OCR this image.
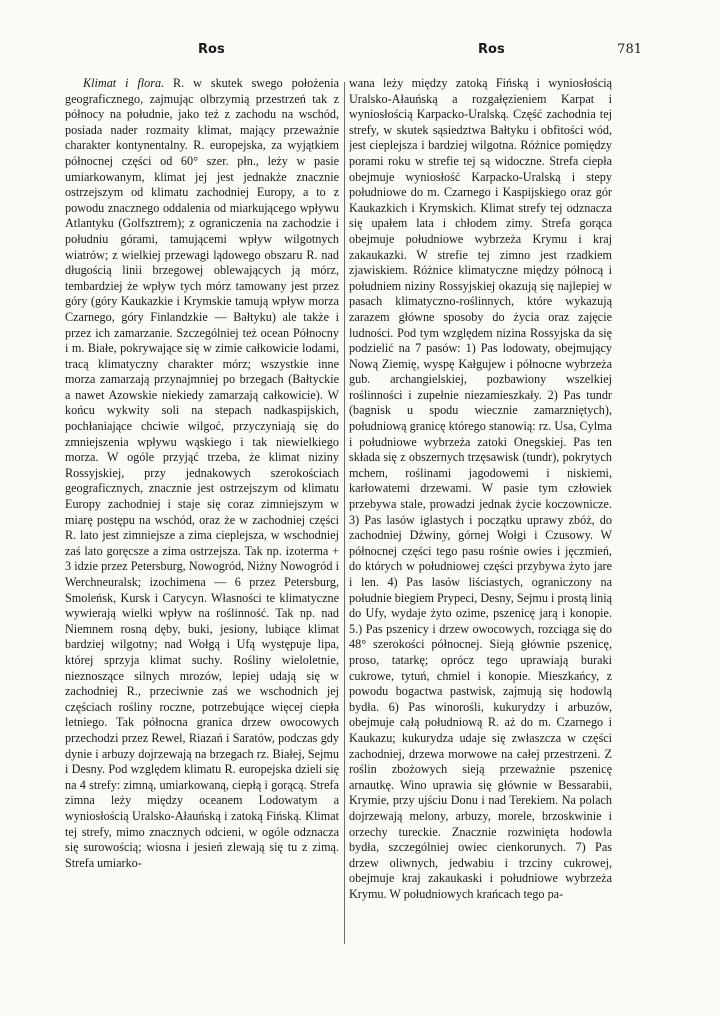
Ros	Ros	781

Klimat i flora. R. w skutek swego położenia geograficznego, zajmując olbrzymią przestrzeń tak z północy na południe, jako też z zachodu na wschód, posiada nader rozmaity klimat, mający przeważnie charakter kontynentalny. R. europejska, za wyjątkiem północnej części od 60° szer. płn., leży w pasie umiarkowanym, klimat jej jest jednakże znacznie ostrzejszym od klimatu zachodniej Europy, a to z powodu znacznego oddalenia od miarkującego wpływu Atlantyku (Golfsztrem); z ograniczenia na zachodzie i południu górami, tamującemi wpływ wilgotnych wiatrów; z wielkiej przewagi lądowego obszaru R. nad długością linii brzegowej oblewających ją mórz, tembardziej że wpływ tych mórz tamowany jest przez góry (góry Kaukazkie i Krymskie tamują wpływ morza Czarnego, góry Finlandzkie — Bałtyku) ale także i przez ich zamarzanie. Szczególniej też ocean Północny i m. Białe, pokrywające się w zimie całkowicie lodami, tracą klimatyczny charakter mórz; wszystkie inne morza zamarzają przynajmniej po brzegach (Bałtyckie a nawet Azowskie niekiedy zamarzają całkowicie). W końcu wykwity soli na stepach nadkaspijskich, pochłaniające chciwie wilgoć, przyczyniają się do zmniejszenia wpływu wąskiego i tak niewielkiego morza. W ogóle przyjąć trzeba, że klimat niziny Rossyjskiej, przy jednakowych szerokościach geograficznych, znacznie jest ostrzejszym od klimatu Europy zachodniej i staje się coraz zimniejszym w miarę postępu na wschód, oraz że w zachodniej części R. lato jest zimniejsze a zima cieplejsza, w wschodniej zaś lato goręcsze a zima ostrzejsza. Tak np. izoterma + 3 idzie przez Petersburg, Nowogród, Niżny Nowogród i Werchneuralsk; izochimena — 6 przez Petersburg, Smoleńsk, Kursk i Carycyn. Własności te klimatyczne wywierają wielki wpływ na roślinność. Tak np. nad Niemnem rosną dęby, buki, jesiony, lubiące klimat bardziej wilgotny; nad Wołgą i Ufą występuje lipa, której sprzyja klimat suchy. Rośliny wieloletnie, nieznoszące silnych mrozów, lepiej udają się w zachodniej R., przeciwnie zaś we wschodnich jej częściach rośliny roczne, potrzebujące więcej ciepła letniego. Tak północna granica drzew owocowych przechodzi przez Rewel, Riazań i Saratów, podczas gdy dynie i arbuzy dojrzewają na brzegach rz. Białej, Sejmu i Desny. Pod względem klimatu R. europejska dzieli się na 4 strefy: zimną, umiarkowaną, ciepłą i gorącą. Strefa zimna leży między oceanem Lodowatym a wyniosłością Uralsko-Ałauńską i zatoką Fińską. Klimat tej strefy, mimo znacznych odcieni, w ogóle odznacza się surowością; wiosna i jesień zlewają się tu z zimą. Strefa umiarko-

wana leży między zatoką Fińską i wyniosłością Uralsko-Ałauńską a rozgałęzieniem Karpat i wyniosłością Karpacko-Uralską. Część zachodnia tej strefy, w skutek sąsiedztwa Bałtyku i obfitości wód, jest cieplejsza i bardziej wilgotna. Różnice pomiędzy porami roku w strefie tej są widoczne. Strefa ciepła obejmuje wyniosłość Karpacko-Uralską i stepy południowe do m. Czarnego i Kaspijskiego oraz gór Kaukazkich i Krymskich. Klimat strefy tej odznacza się upałem lata i chłodem zimy. Strefa gorąca obejmuje południowe wybrzeża Krymu i kraj zakaukazki. W strefie tej zimno jest rzadkiem zjawiskiem. Różnice klimatyczne między północą i południem niziny Rossyjskiej okazują się najlepiej w pasach klimatyczno-roślinnych, które wykazują zarazem główne sposoby do życia oraz zajęcie ludności. Pod tym względem nizina Rossyjska da się podzielić na 7 pasów: 1) Pas lodowaty, obejmujący Nową Ziemię, wyspę Kałgujew i północne wybrzeża gub. archangielskiej, pozbawiony wszelkiej roślinności i zupełnie niezamieszkały. 2) Pas tundr (bagnisk u spodu wiecznie zamarzniętych), południową granicę którego stanowią: rz. Usa, Cylma i południowe wybrzeża zatoki Onegskiej. Pas ten składa się z obszernych trzęsawisk (tundr), pokrytych mchem, roślinami jagodowemi i niskiemi, karłowatemi drzewami. W pasie tym człowiek przebywa stale, prowadzi jednak życie koczownicze. 3) Pas lasów iglastych i początku uprawy zbóż, do zachodniej Dźwiny, górnej Wołgi i Czusowy. W północnej części tego pasu rośnie owies i jęczmień, do których w południowej części przybywa żyto jare i len. 4) Pas lasów liściastych, ograniczony na południe biegiem Prypeci, Desny, Sejmu i prostą linią do Ufy, wydaje żyto ozime, pszenicę jarą i konopie. 5.) Pas pszenicy i drzew owocowych, rozciąga się do 48° szerokości północnej. Sieją głównie pszenicę, proso, tatarkę; oprócz tego uprawiają buraki cukrowe, tytuń, chmiel i konopie. Mieszkańcy, z powodu bogactwa pastwisk, zajmują się hodowlą bydła. 6) Pas winorośli, kukurydzy i arbuzów, obejmuje całą południową R. aż do m. Czarnego i Kaukazu; kukurydza udaje się zwłaszcza w części zachodniej, drzewa morwowe na całej przestrzeni. Z roślin zbożowych sieją przeważnie pszenicę arnautkę. Wino uprawia się głównie w Bessarabii, Krymie, przy ujściu Donu i nad Terekiem. Na polach dojrzewają melony, arbuzy, morele, brzoskwinie i orzechy tureckie. Znacznie rozwinięta hodowla bydła, szczególniej owiec cienkorunych. 7) Pas drzew oliwnych, jedwabiu i trzciny cukrowej, obejmuje kraj zakaukaski i południowe wybrzeża Krymu. W południowych krańcach tego pa-
